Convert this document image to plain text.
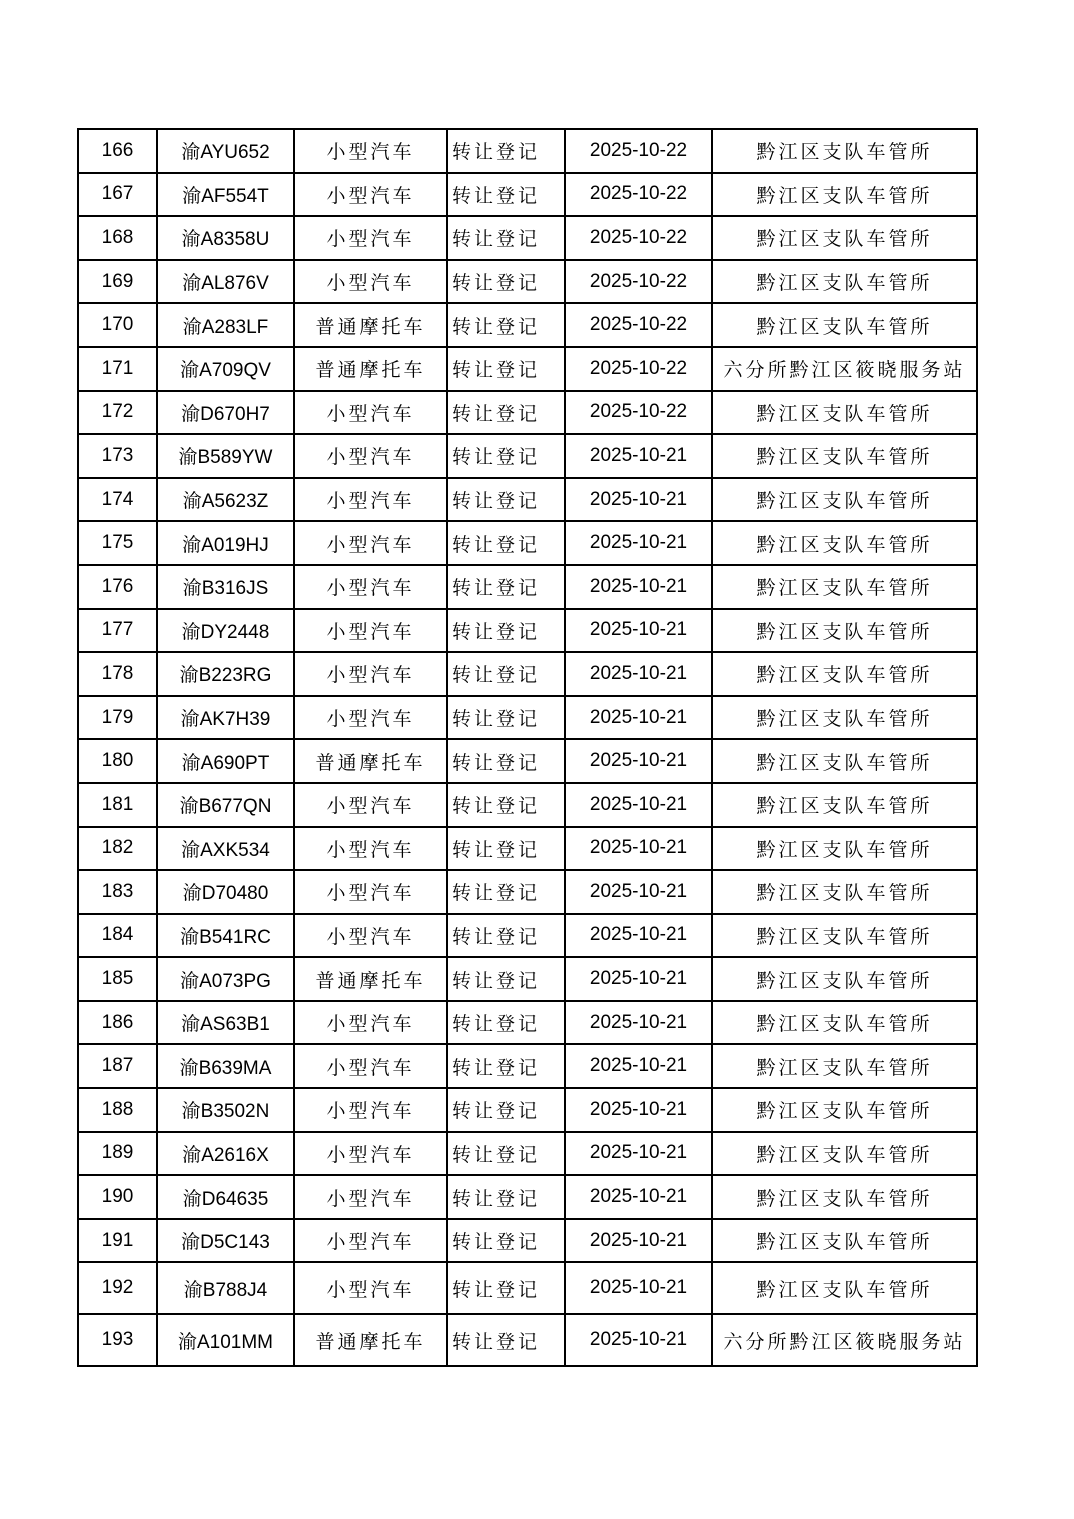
166	渝AYU652	小型汽车	转让登记	2025-10-22	黔江区支队车管所
167	渝AF554T	小型汽车	转让登记	2025-10-22	黔江区支队车管所
168	渝A8358U	小型汽车	转让登记	2025-10-22	黔江区支队车管所
169	渝AL876V	小型汽车	转让登记	2025-10-22	黔江区支队车管所
170	渝A283LF	普通摩托车	转让登记	2025-10-22	黔江区支队车管所
171	渝A709QV	普通摩托车	转让登记	2025-10-22	六分所黔江区筱晓服务站
172	渝D670H7	小型汽车	转让登记	2025-10-22	黔江区支队车管所
173	渝B589YW	小型汽车	转让登记	2025-10-21	黔江区支队车管所
174	渝A5623Z	小型汽车	转让登记	2025-10-21	黔江区支队车管所
175	渝A019HJ	小型汽车	转让登记	2025-10-21	黔江区支队车管所
176	渝B316JS	小型汽车	转让登记	2025-10-21	黔江区支队车管所
177	渝DY2448	小型汽车	转让登记	2025-10-21	黔江区支队车管所
178	渝B223RG	小型汽车	转让登记	2025-10-21	黔江区支队车管所
179	渝AK7H39	小型汽车	转让登记	2025-10-21	黔江区支队车管所
180	渝A690PT	普通摩托车	转让登记	2025-10-21	黔江区支队车管所
181	渝B677QN	小型汽车	转让登记	2025-10-21	黔江区支队车管所
182	渝AXK534	小型汽车	转让登记	2025-10-21	黔江区支队车管所
183	渝D70480	小型汽车	转让登记	2025-10-21	黔江区支队车管所
184	渝B541RC	小型汽车	转让登记	2025-10-21	黔江区支队车管所
185	渝A073PG	普通摩托车	转让登记	2025-10-21	黔江区支队车管所
186	渝AS63B1	小型汽车	转让登记	2025-10-21	黔江区支队车管所
187	渝B639MA	小型汽车	转让登记	2025-10-21	黔江区支队车管所
188	渝B3502N	小型汽车	转让登记	2025-10-21	黔江区支队车管所
189	渝A2616X	小型汽车	转让登记	2025-10-21	黔江区支队车管所
190	渝D64635	小型汽车	转让登记	2025-10-21	黔江区支队车管所
191	渝D5C143	小型汽车	转让登记	2025-10-21	黔江区支队车管所
192	渝B788J4	小型汽车	转让登记	2025-10-21	黔江区支队车管所
193	渝A101MM	普通摩托车	转让登记	2025-10-21	六分所黔江区筱晓服务站
